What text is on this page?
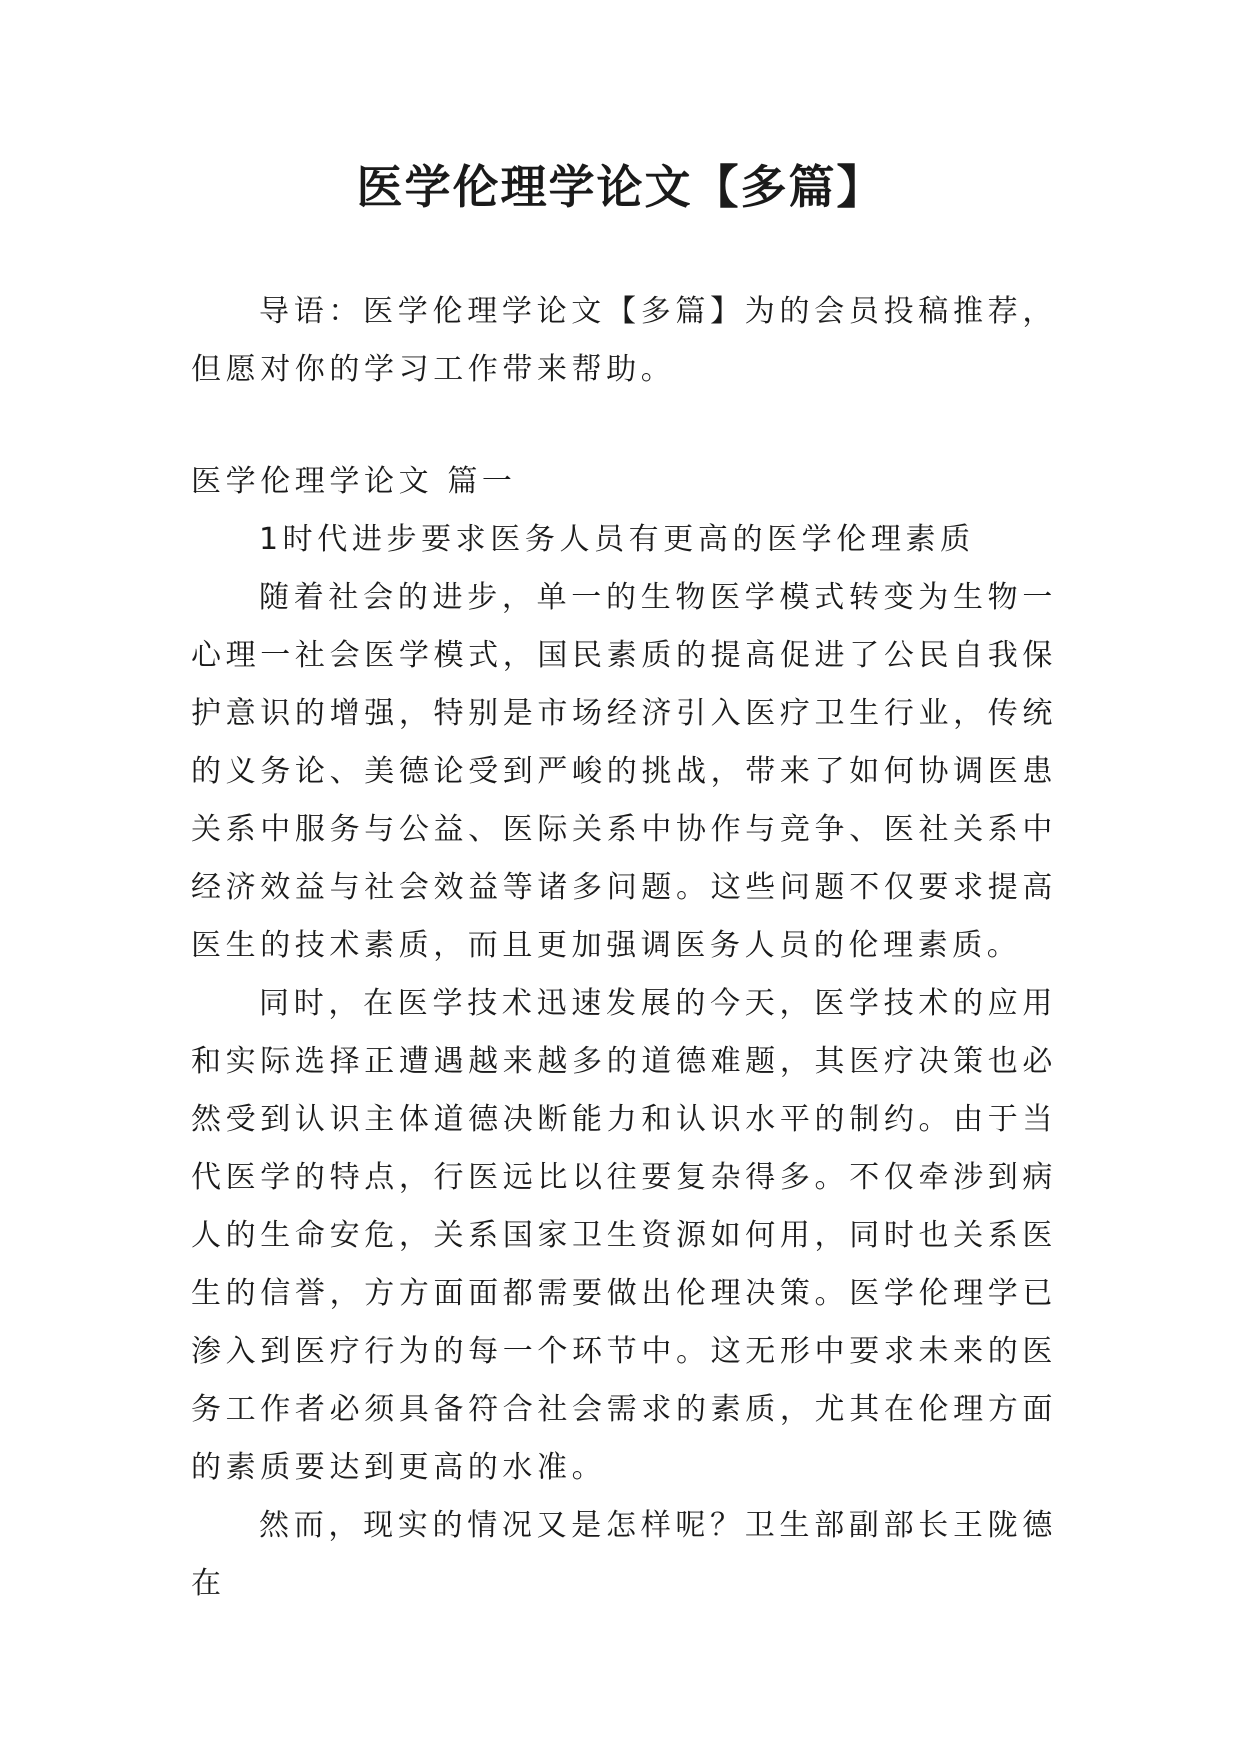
医学伦理学论文【多篇】

导语：医学伦理学论文【多篇】为的会员投稿推荐，但愿对你的学习工作带来帮助。

医学伦理学论文 篇一

1时代进步要求医务人员有更高的医学伦理素质

随着社会的进步，单一的生物医学模式转变为生物一心理一社会医学模式，国民素质的提高促进了公民自我保护意识的增强，特别是市场经济引入医疗卫生行业，传统的义务论、美德论受到严峻的挑战，带来了如何协调医患关系中服务与公益、医际关系中协作与竞争、医社关系中经济效益与社会效益等诸多问题。这些问题不仅要求提高医生的技术素质，而且更加强调医务人员的伦理素质。

同时，在医学技术迅速发展的今天，医学技术的应用和实际选择正遭遇越来越多的道德难题，其医疗决策也必然受到认识主体道德决断能力和认识水平的制约。由于当代医学的特点，行医远比以往要复杂得多。不仅牵涉到病人的生命安危，关系国家卫生资源如何用，同时也关系医生的信誉，方方面面都需要做出伦理决策。医学伦理学已渗入到医疗行为的每一个环节中。这无形中要求未来的医务工作者必须具备符合社会需求的素质，尤其在伦理方面的素质要达到更高的水准。

然而，现实的情况又是怎样呢？卫生部副部长王陇德在
